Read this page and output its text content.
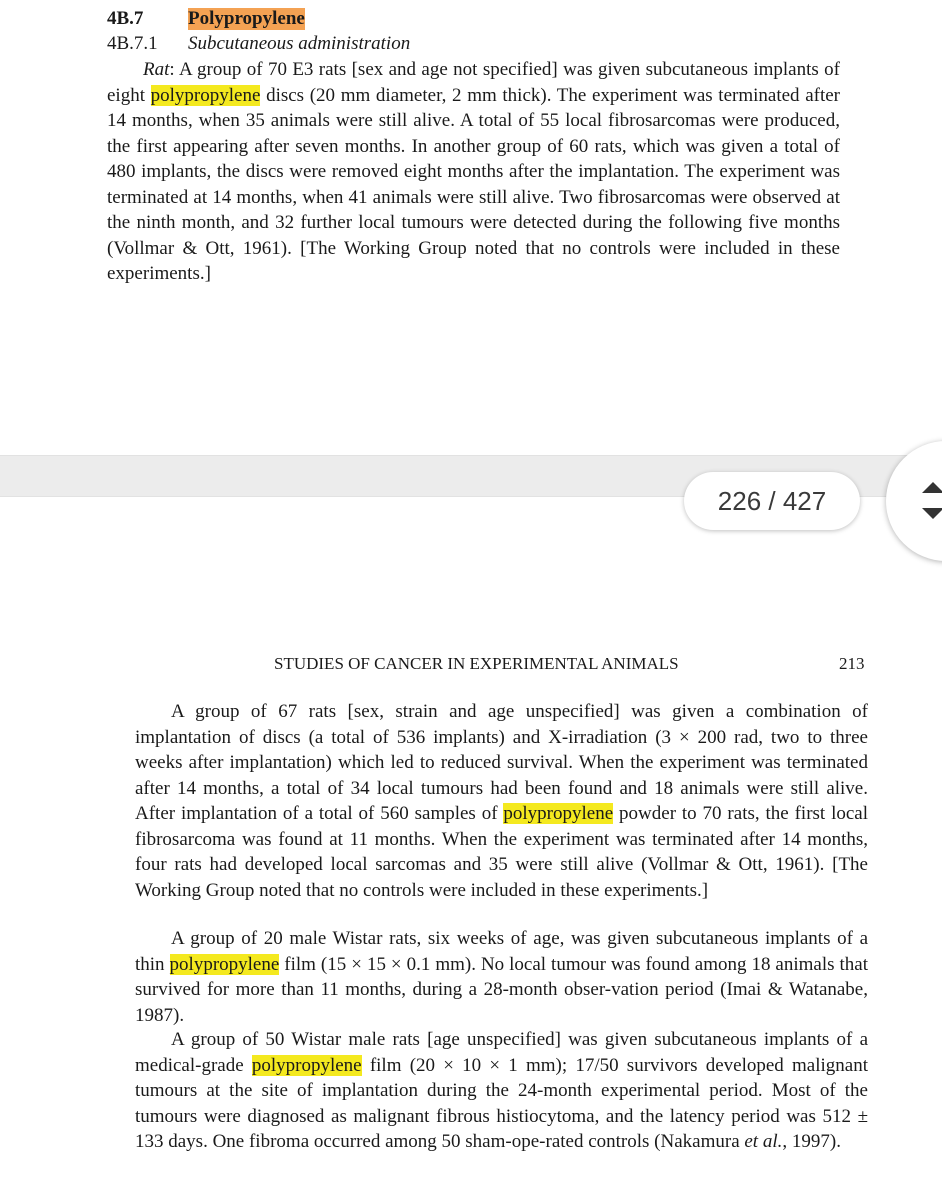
4B.7 Polypropylene
4B.7.1 Subcutaneous administration

Rat: A group of 70 E3 rats [sex and age not specified] was given subcutaneous implants of eight polypropylene discs (20 mm diameter, 2 mm thick). The experiment was terminated after 14 months, when 35 animals were still alive. A total of 55 local fibrosarcomas were produced, the first appearing after seven months. In another group of 60 rats, which was given a total of 480 implants, the discs were removed eight months after the implantation. The experiment was terminated at 14 months, when 41 animals were still alive. Two fibrosarcomas were observed at the ninth month, and 32 further local tumours were detected during the following five months (Vollmar & Ott, 1961). [The Working Group noted that no controls were included in these experiments.]

STUDIES OF CANCER IN EXPERIMENTAL ANIMALS	213

A group of 67 rats [sex, strain and age unspecified] was given a combination of implantation of discs (a total of 536 implants) and X-irradiation (3 × 200 rad, two to three weeks after implantation) which led to reduced survival. When the experiment was terminated after 14 months, a total of 34 local tumours had been found and 18 animals were still alive. After implantation of a total of 560 samples of polypropylene powder to 70 rats, the first local fibrosarcoma was found at 11 months. When the experiment was terminated after 14 months, four rats had developed local sarcomas and 35 were still alive (Vollmar & Ott, 1961). [The Working Group noted that no controls were included in these experiments.]

A group of 20 male Wistar rats, six weeks of age, was given subcutaneous implants of a thin polypropylene film (15 × 15 × 0.1 mm). No local tumour was found among 18 animals that survived for more than 11 months, during a 28-month obser-vation period (Imai & Watanabe, 1987).

A group of 50 Wistar male rats [age unspecified] was given subcutaneous implants of a medical-grade polypropylene film (20 × 10 × 1 mm); 17/50 survivors developed malignant tumours at the site of implantation during the 24-month experimental period. Most of the tumours were diagnosed as malignant fibrous histiocytoma, and the latency period was 512 ± 133 days. One fibroma occurred among 50 sham-ope-rated controls (Nakamura et al., 1997).

226 / 427
